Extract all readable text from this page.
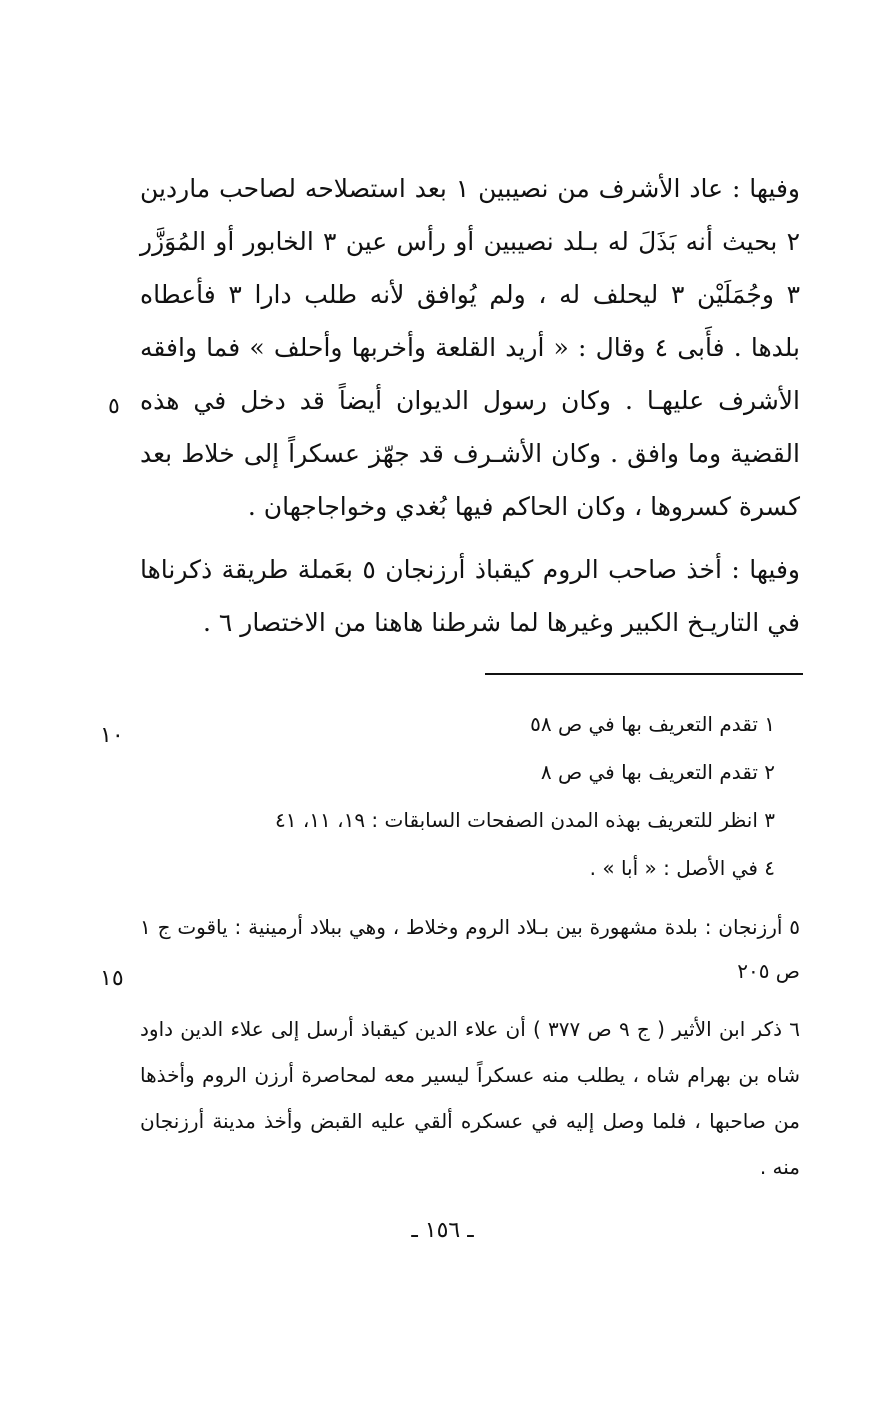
وفيها : عاد الأشرف من نصيبين ١ بعد استصلاحه لصاحب ماردين ٢ بحيث أنه بَذَلَ له بـلد نصيبين أو رأس عين ٣ الخابور أو المُوَزَّر ٣ وجُمَلَيْن ٣ ليحلف له ، ولم يُوافق لأنه طلب دارا ٣ فأعطاه بلدها . فأَبى ٤ وقال : « أريد القلعة وأخربها وأحلف » فما وافقه الأشرف عليهـا . وكان رسول الديوان أيضاً قد دخل في هذه القضية وما وافق . وكان الأشـرف قد جهّز عسكراً إلى خلاط بعد كسرة كسروها ، وكان الحاكم فيها بُغدي وخواجاجهان .

وفيها : أخذ صاحب الروم كيقباذ أرزنجان ٥ بعَملة طريقة ذكرناها في التاريـخ الكبير وغيرها لما شرطنا هاهنا من الاختصار ٦ .

٥
١٠	١ تقدم التعريف بها في ص ٥٨

٢ تقدم التعريف بها في ص ٨

٣ انظر للتعريف بهذه المدن الصفحات السابقات : ١٩، ١١، ٤١

٤ في الأصل : « أبا » .

٥ أرزنجان : بلدة مشهورة بين بـلاد الروم وخلاط ، وهي ببلاد أرمينية : ياقوت ج ١ ص ٢٠٥

١٥

٦ ذكر ابن الأثير ( ج ٩ ص ٣٧٧ ) أن علاء الدين كيقباذ أرسل إلى علاء الدين داود شاه بن بهرام شاه ، يطلب منه عسكراً ليسير معه لمحاصرة أرزن الروم وأخذها من صاحبها ، فلما وصل إليه في عسكره ألقي عليه القبض وأخذ مدينة أرزنجان منه .

ـ ١٥٦ ـ
